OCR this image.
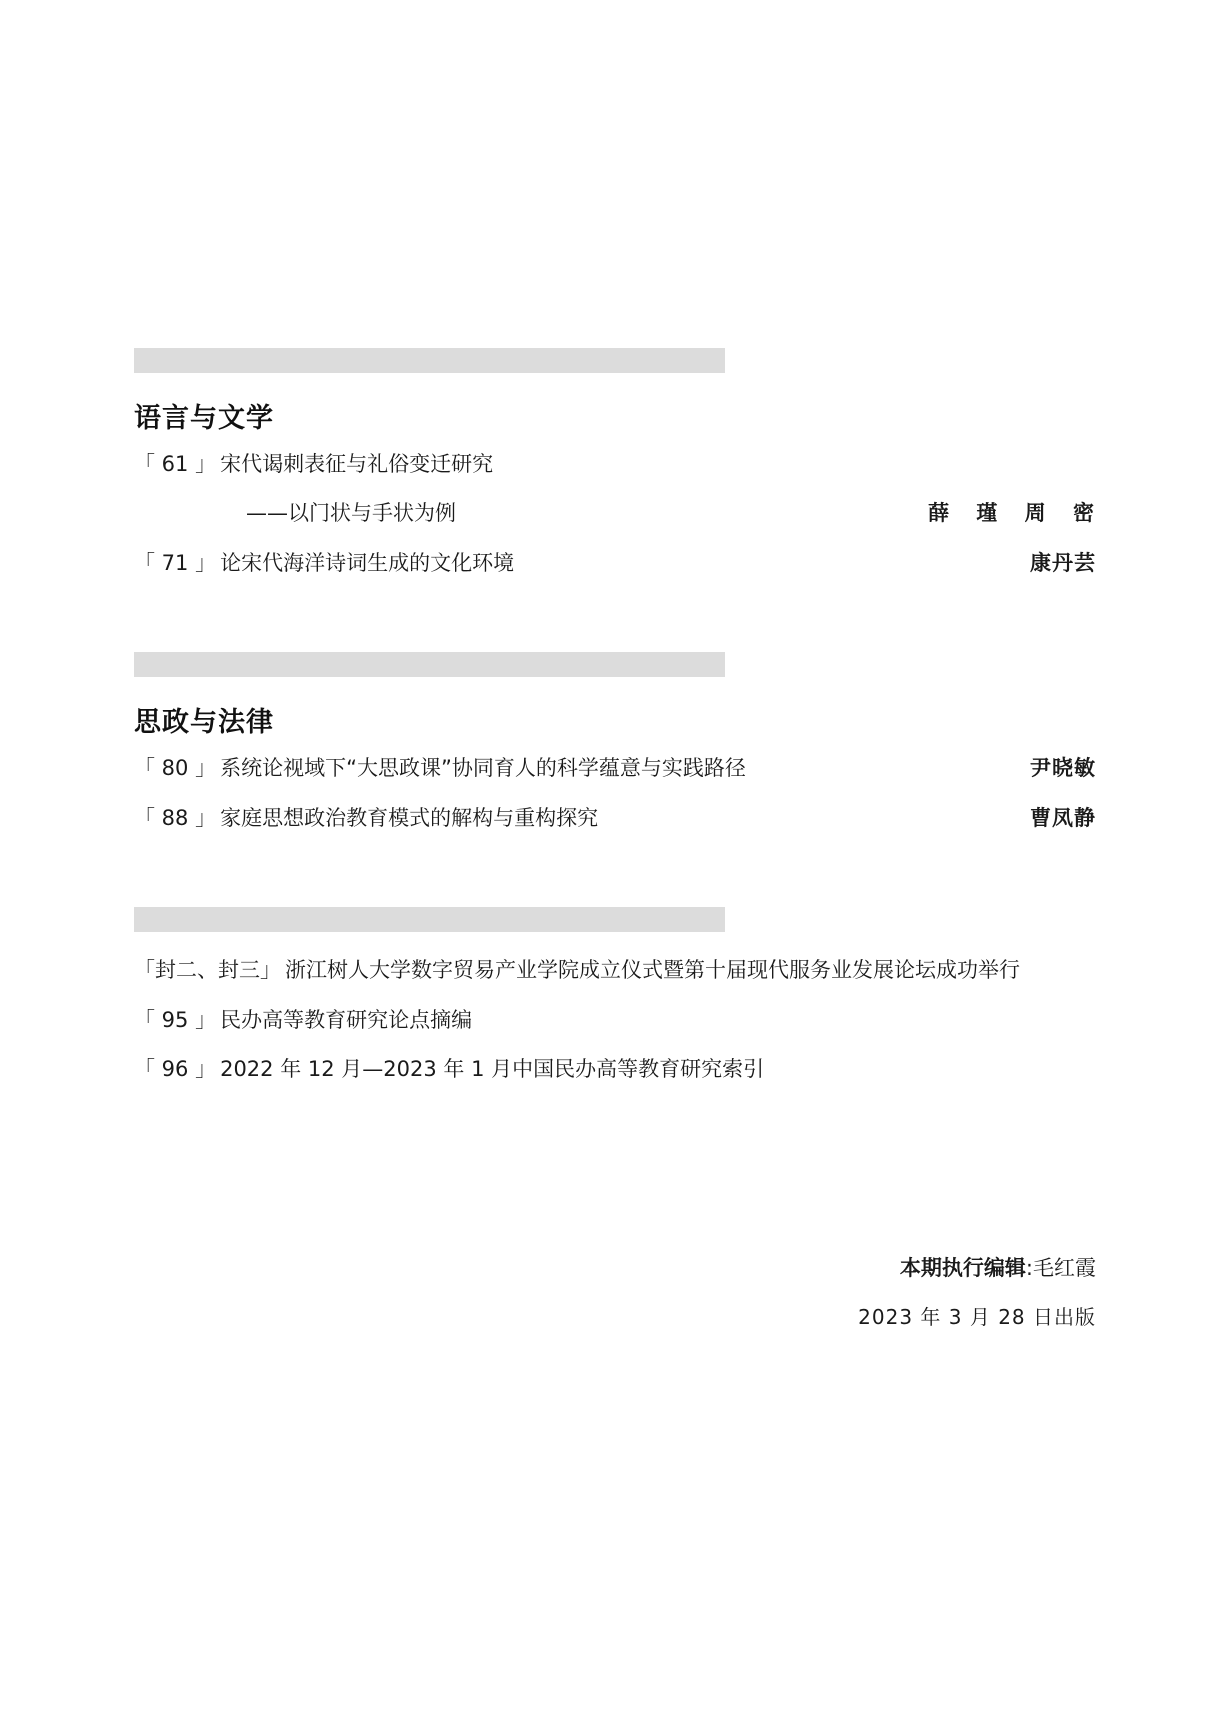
语言与文学
「 61 」 宋代谒刺表征与礼俗变迁研究
——以门状与手状为例	薛 瑾 周 密
「 71 」 论宋代海洋诗词生成的文化环境	康丹芸
思政与法律
「 80 」 系统论视域下“大思政课”协同育人的科学蕴意与实践路径	尹晓敏
「 88 」 家庭思想政治教育模式的解构与重构探究	曹凤静
「封二、封三」 浙江树人大学数字贸易产业学院成立仪式暨第十届现代服务业发展论坛成功举行
「 95 」 民办高等教育研究论点摘编
「 96 」 2022 年 12 月—2023 年 1 月中国民办高等教育研究索引
本期执行编辑:毛红霞
2023 年 3 月 28 日出版
